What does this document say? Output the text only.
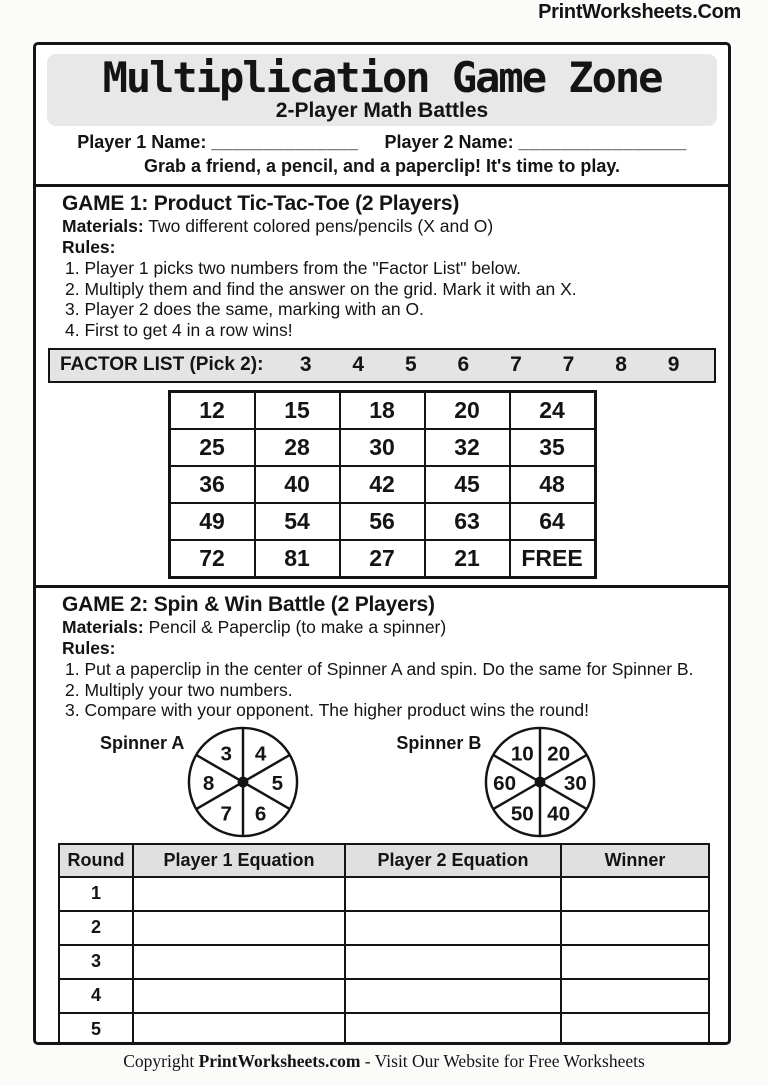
PrintWorksheets.Com
Multiplication Game Zone
2-Player Math Battles
Player 1 Name: ______________ Player 2 Name: ________________
Grab a friend, a pencil, and a paperclip! It's time to play.
GAME 1: Product Tic-Tac-Toe (2 Players)
Materials: Two different colored pens/pencils (X and O)
Rules:
1. Player 1 picks two numbers from the "Factor List" below.
2. Multiply them and find the answer on the grid. Mark it with an X.
3. Player 2 does the same, marking with an O.
4. First to get 4 in a row wins!
FACTOR LIST (Pick 2): 3 4 5 6 7 7 8 9
12	15	18	20	24
25	28	30	32	35
36	40	42	45	48
49	54	56	63	64
72	81	27	21	FREE
GAME 2: Spin & Win Battle (2 Players)
Materials: Pencil & Paperclip (to make a spinner)
Rules:
1. Put a paperclip in the center of Spinner A and spin. Do the same for Spinner B.
2. Multiply your two numbers.
3. Compare with your opponent. The higher product wins the round!
Spinner A 3 4
8	5
7 6
Spinner B 10 20
60 30
50 40
Round	Player 1 Equation	Player 2 Equation	Winner
1			
2			
3			
4			
5			
Copyright PrintWorksheets.com - Visit Our Website for Free Worksheets
